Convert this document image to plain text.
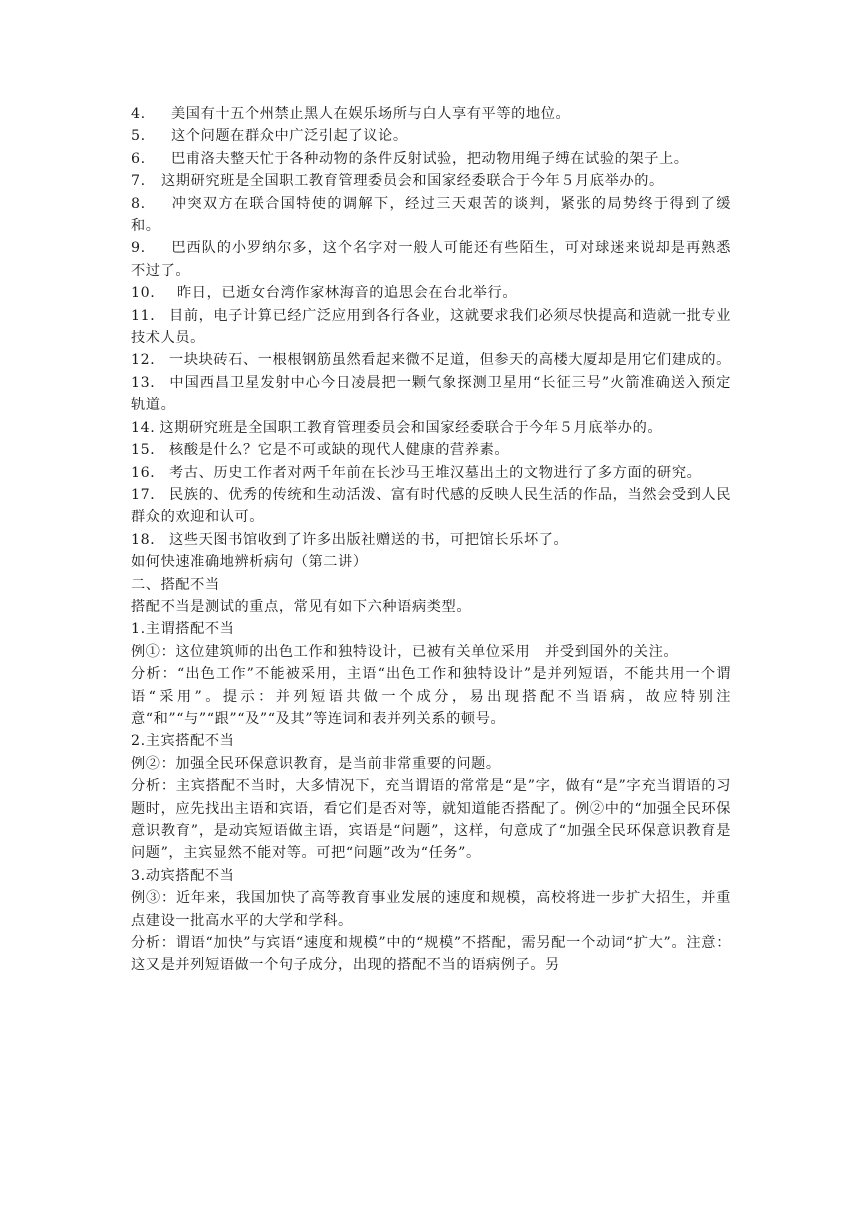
4. 美国有十五个州禁止黑人在娱乐场所与白人享有平等的地位。

5. 这个问题在群众中广泛引起了议论。

6. 巴甫洛夫整天忙于各种动物的条件反射试验，把动物用绳子缚在试验的架子上。

7. 这期研究班是全国职工教育管理委员会和国家经委联合于今年５月底举办的。

8. 冲突双方在联合国特使的调解下，经过三天艰苦的谈判，紧张的局势终于得到了缓和。

9. 巴西队的小罗纳尔多，这个名字对一般人可能还有些陌生，可对球迷来说却是再熟悉不过了。

10. 昨日，已逝女台湾作家林海音的追思会在台北举行。

11． 目前，电子计算已经广泛应用到各行各业，这就要求我们必须尽快提高和造就一批专业技术人员。

12． 一块块砖石、一根根钢筋虽然看起来微不足道，但参天的高楼大厦却是用它们建成的。

13． 中国西昌卫星发射中心今日凌晨把一颗气象探测卫星用“长征三号”火箭准确送入预定轨道。

14. 这期研究班是全国职工教育管理委员会和国家经委联合于今年５月底举办的。

15． 核酸是什么？它是不可或缺的现代人健康的营养素。

16． 考古、历史工作者对两千年前在长沙马王堆汉墓出土的文物进行了多方面的研究。

17． 民族的、优秀的传统和生动活泼、富有时代感的反映人民生活的作品，当然会受到人民群众的欢迎和认可。

18． 这些天图书馆收到了许多出版社赠送的书，可把馆长乐坏了。

如何快速准确地辨析病句（第二讲）

二、搭配不当

搭配不当是测试的重点，常见有如下六种语病类型。

1.主谓搭配不当

例①：这位建筑师的出色工作和独特设计，已被有关单位采用　并受到国外的关注。

分析：“出色工作”不能被采用，主语“出色工作和独特设计”是并列短语，不能共用一个谓语“采用”。提示：并列短语共做一个成分，易出现搭配不当语病，故应特别注意“和”“与”“跟”“及”“及其”等连词和表并列关系的顿号。

2.主宾搭配不当

例②：加强全民环保意识教育，是当前非常重要的问题。

分析：主宾搭配不当时，大多情况下，充当谓语的常常是“是”字，做有“是”字充当谓语的习题时，应先找出主语和宾语，看它们是否对等，就知道能否搭配了。例②中的“加强全民环保意识教育”，是动宾短语做主语，宾语是“问题”，这样，句意成了“加强全民环保意识教育是问题”，主宾显然不能对等。可把“问题”改为“任务”。

3.动宾搭配不当

例③：近年来，我国加快了高等教育事业发展的速度和规模，高校将进一步扩大招生，并重点建设一批高水平的大学和学科。

分析：谓语“加快”与宾语“速度和规模”中的“规模”不搭配，需另配一个动词“扩大”。注意：这又是并列短语做一个句子成分，出现的搭配不当的语病例子。另
